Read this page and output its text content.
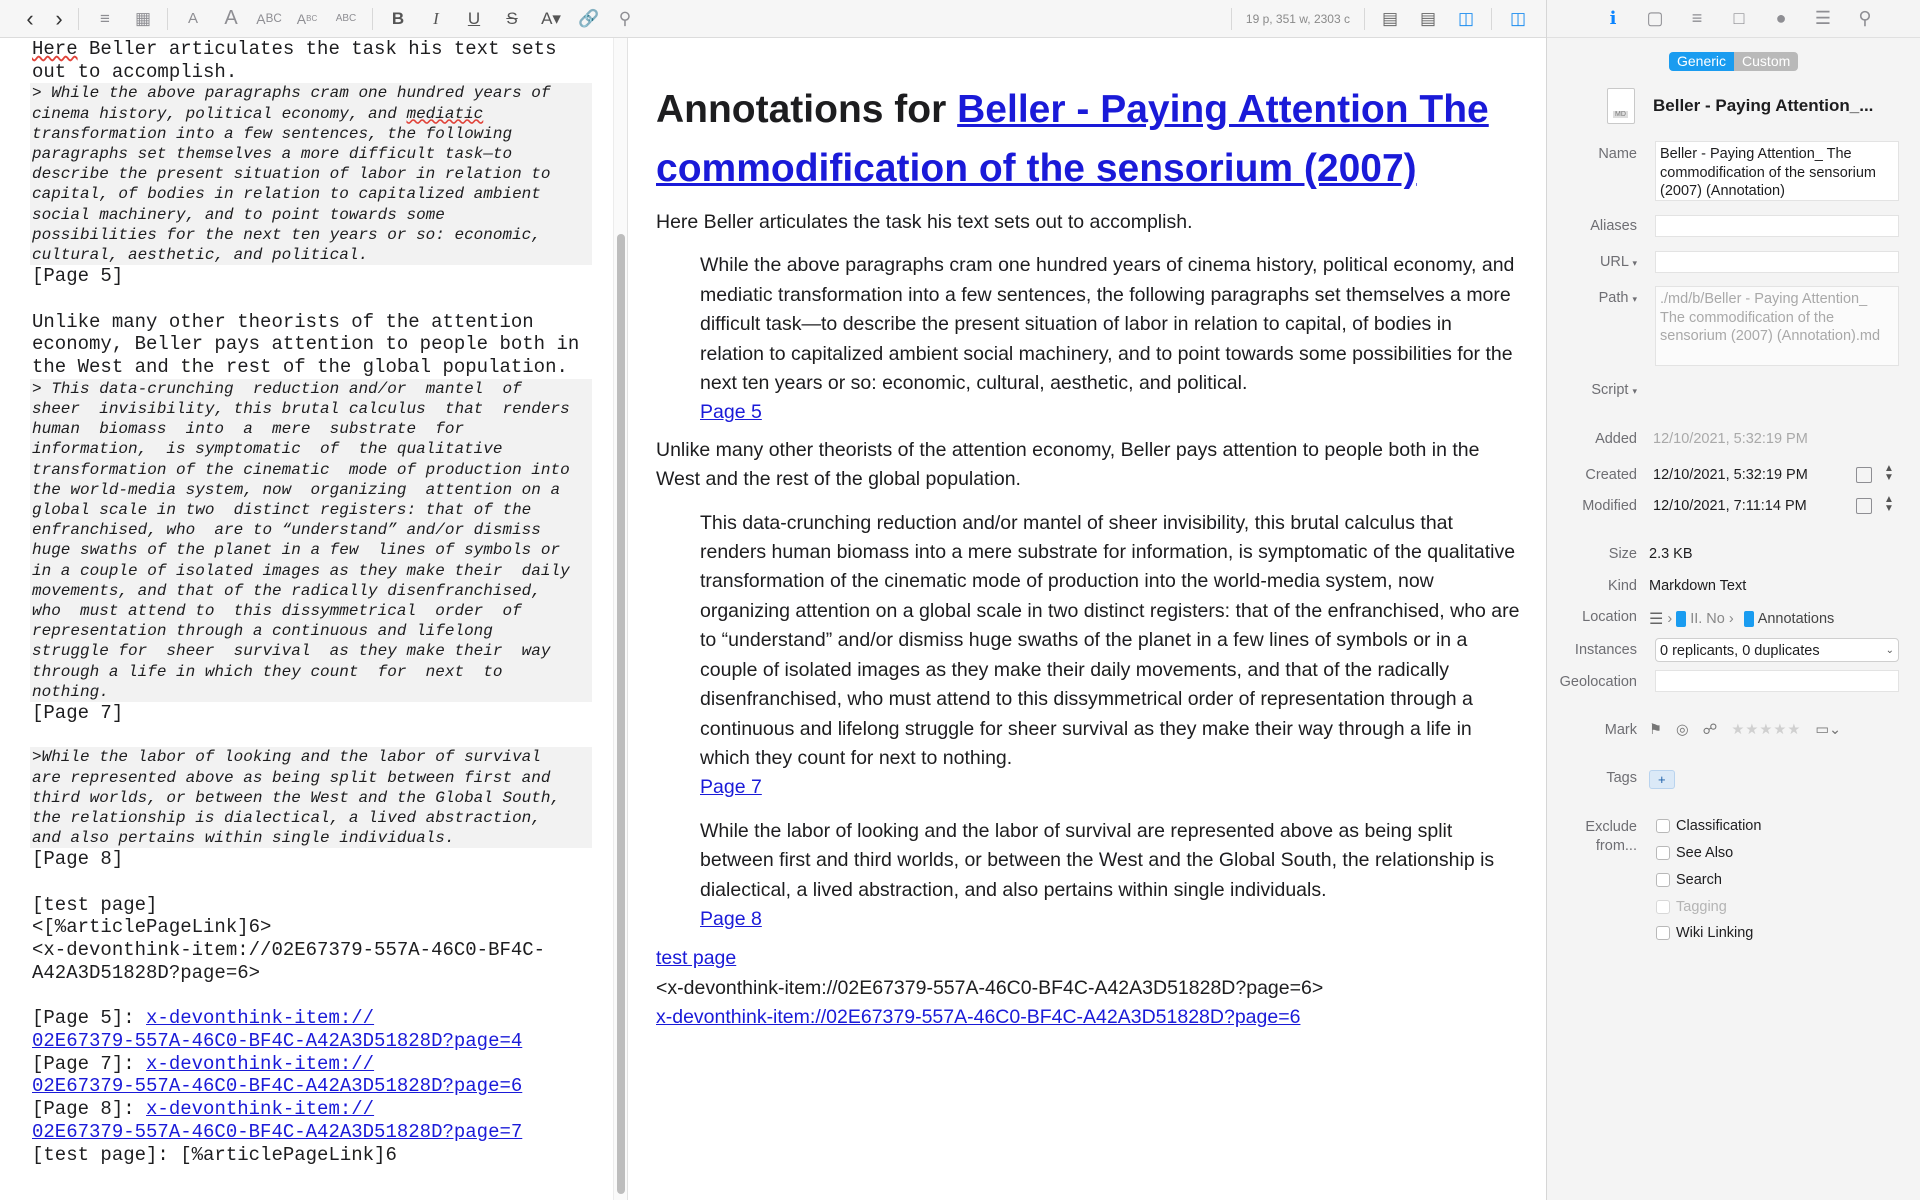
‹ ›	≡	▦	A	A	A BC	A BC	ABC	B	I	U	S	A▾	🔗	⚲	19 p, 351 w, 2303 c	▤	▤	◫	◫
Here Beller articulates the task his text sets
out to accomplish.
> While the above paragraphs cram one hundred years of
cinema history, political economy, and mediatic
transformation into a few sentences, the following
paragraphs set themselves a more difficult task—to
describe the present situation of labor in relation to
capital, of bodies in relation to capitalized ambient
social machinery, and to point towards some
possibilities for the next ten years or so: economic,
cultural, aesthetic, and political.
[Page 5]
Unlike many other theorists of the attention
economy, Beller pays attention to people both in
the West and the rest of the global population.
> This data-crunching  reduction and/or  mantel  of
sheer  invisibility, this brutal calculus  that  renders
human  biomass  into  a  mere  substrate  for
information,  is symptomatic  of  the qualitative
transformation of the cinematic  mode of production into
the world-media system, now  organizing  attention on a
global scale in two  distinct registers: that of the
enfranchised, who  are to “understand” and/or dismiss
huge swaths of the planet in a few  lines of symbols or
in a couple of isolated images as they make their  daily
movements, and that of the radically disenfranchised,
who  must attend to  this dissymmetrical  order  of
representation through a continuous and lifelong
struggle for  sheer  survival  as they make their  way
through a life in which they count  for  next  to
nothing.
[Page 7]
>While the labor of looking and the labor of survival
are represented above as being split between first and
third worlds, or between the West and the Global South,
the relationship is dialectical, a lived abstraction,
and also pertains within single individuals.
[Page 8]
[test page]
<[%articlePageLink]6>
<x-devonthink-item://02E67379-557A-46C0-BF4C-
A42A3D51828D?page=6>
[Page 5]: x-devonthink-item://
02E67379-557A-46C0-BF4C-A42A3D51828D?page=4
[Page 7]: x-devonthink-item://
02E67379-557A-46C0-BF4C-A42A3D51828D?page=6
[Page 8]: x-devonthink-item://
02E67379-557A-46C0-BF4C-A42A3D51828D?page=7
[test page]: [%articlePageLink]6
Annotations for Beller - Paying Attention The commodification of the sensorium (2007)

Here Beller articulates the task his text sets out to accomplish.

While the above paragraphs cram one hundred years of cinema history, political economy, and mediatic transformation into a few sentences, the following paragraphs set themselves a more difficult task—to describe the present situation of labor in relation to capital, of bodies in relation to capitalized ambient social machinery, and to point towards some possibilities for the next ten years or so: economic, cultural, aesthetic, and political.
Page 5

Unlike many other theorists of the attention economy, Beller pays attention to people both in the West and the rest of the global population.

This data-crunching reduction and/or mantel of sheer invisibility, this brutal calculus that renders human biomass into a mere substrate for information, is symptomatic of the qualitative transformation of the cinematic mode of production into the world-media system, now organizing attention on a global scale in two distinct registers: that of the enfranchised, who are to “understand” and/or dismiss huge swaths of the planet in a few lines of symbols or in a couple of isolated images as they make their daily movements, and that of the radically disenfranchised, who must attend to this dissymmetrical order of representation through a continuous and lifelong struggle for sheer survival as they make their way through a life in which they count for next to nothing.
Page 7
While the labor of looking and the labor of survival are represented above as being split between first and third worlds, or between the West and the Global South, the relationship is dialectical, a lived abstraction, and also pertains within single individuals.
Page 8

test page
<x-devonthink-item://02E67379-557A-46C0-BF4C-A42A3D51828D?page=6>
x-devonthink-item://02E67379-557A-46C0-BF4C-A42A3D51828D?page=6

i	▢	≡	□	●	☰	⚲
Generic	Custom
MD
Beller - Paying Attention_...
Name	Beller - Paying Attention_ The commodification of the sensorium (2007) (Annotation)
Aliases
URL ▾
Path ▾	./md/b/Beller - Paying Attention_ The commodification of the sensorium (2007) (Annotation).md
Script ▾
Added	12/10/2021, 5:32:19 PM
Created	12/10/2021, 5:32:19 PM	▲
▼
Modified	12/10/2021, 7:11:14 PM	▲
▼
Size 2.3 KB
Kind Markdown Text
Location ☰ › II. No › Annotations
Instances	0 replicants, 0 duplicates	⌄
Geolocation
Mark ⚑ ◎ ☍ ★★★★★ ▭⌄
Tags	+
Exclude
from...
Classification
See Also
Search
Tagging
Wiki Linking
